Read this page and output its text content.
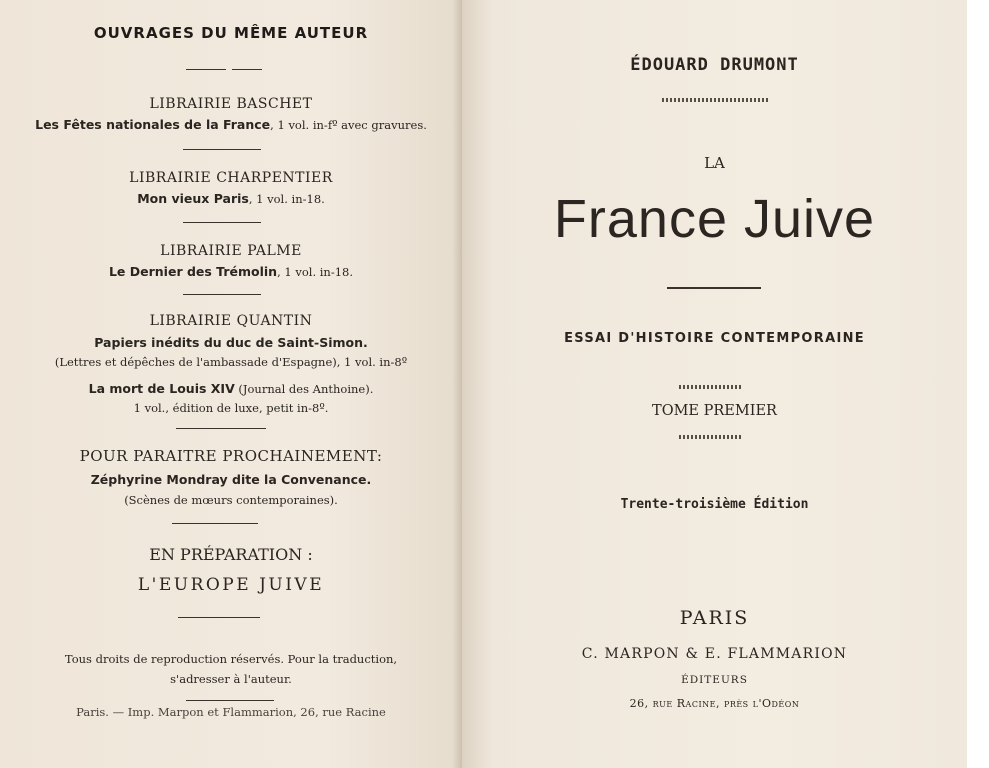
OUVRAGES DU MÊME AUTEUR
LIBRAIRIE BASCHET
Les Fêtes nationales de la France, 1 vol. in-fº avec gravures.
LIBRAIRIE CHARPENTIER
Mon vieux Paris, 1 vol. in-18.
LIBRAIRIE PALME
Le Dernier des Trémolin, 1 vol. in-18.
LIBRAIRIE QUANTIN
Papiers inédits du duc de Saint-Simon.
(Lettres et dépêches de l'ambassade d'Espagne), 1 vol. in-8º
La mort de Louis XIV (Journal des Anthoine).
1 vol., édition de luxe, petit in-8º.
POUR PARAITRE PROCHAINEMENT:
Zéphyrine Mondray dite la Convenance.
(Scènes de mœurs contemporaines).
EN PRÉPARATION :
L'EUROPE JUIVE
Tous droits de reproduction réservés. Pour la traduction,
s'adresser à l'auteur.
Paris. — Imp. Marpon et Flammarion, 26, rue Racine
ÉDOUARD DRUMONT
LA
France Juive
ESSAI D'HISTOIRE CONTEMPORAINE
TOME PREMIER
Trente-troisième Édition
PARIS
C. MARPON & E. FLAMMARION
ÉDITEURS
26, rue Racine, près l'Odéon
